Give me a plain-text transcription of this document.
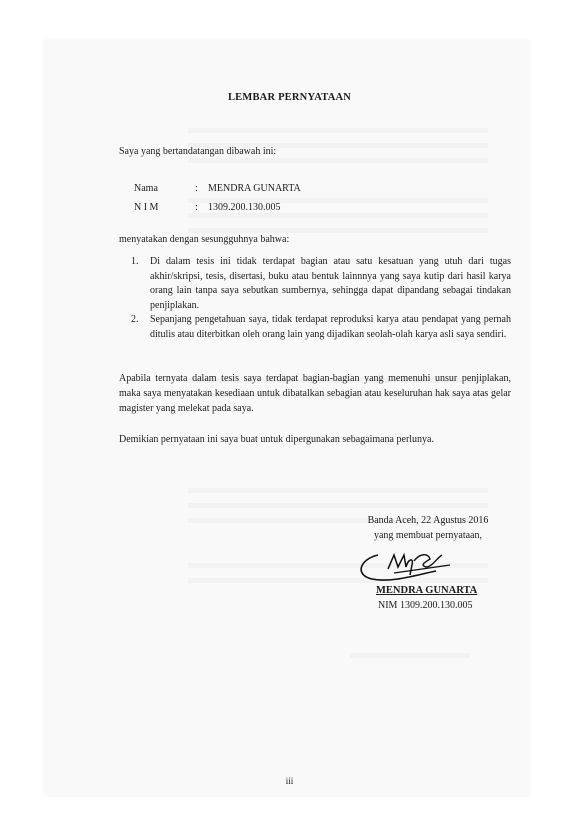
LEMBAR PERNYATAAN
Saya yang bertandatangan dibawah ini:
Nama	: MENDRA GUNARTA
N I M	: 1309.200.130.005
menyatakan dengan sesungguhnya bahwa:
1. Di dalam tesis ini tidak terdapat bagian atau satu kesatuan yang utuh dari tugas akhir/skripsi, tesis, disertasi, buku atau bentuk lainnnya yang saya kutip dari hasil karya orang lain tanpa saya sebutkan sumbernya, sehingga dapat dipandang sebagai tindakan penjiplakan.
2. Sepanjang pengetahuan saya, tidak terdapat reproduksi karya atau pendapat yang pernah ditulis atau diterbitkan oleh orang lain yang dijadikan seolah-olah karya asli saya sendiri.
Apabila ternyata dalam tesis saya terdapat bagian-bagian yang memenuhi unsur penjiplakan, maka saya menyatakan kesediaan untuk dibatalkan sebagian atau keseluruhan hak saya atas gelar magister yang melekat pada saya.
Demikian pernyataan ini saya buat untuk dipergunakan sebagaimana perlunya.
Banda Aceh, 22 Agustus 2016
yang membuat pernyataan,
MENDRA GUNARTA
NIM 1309.200.130.005
iii
